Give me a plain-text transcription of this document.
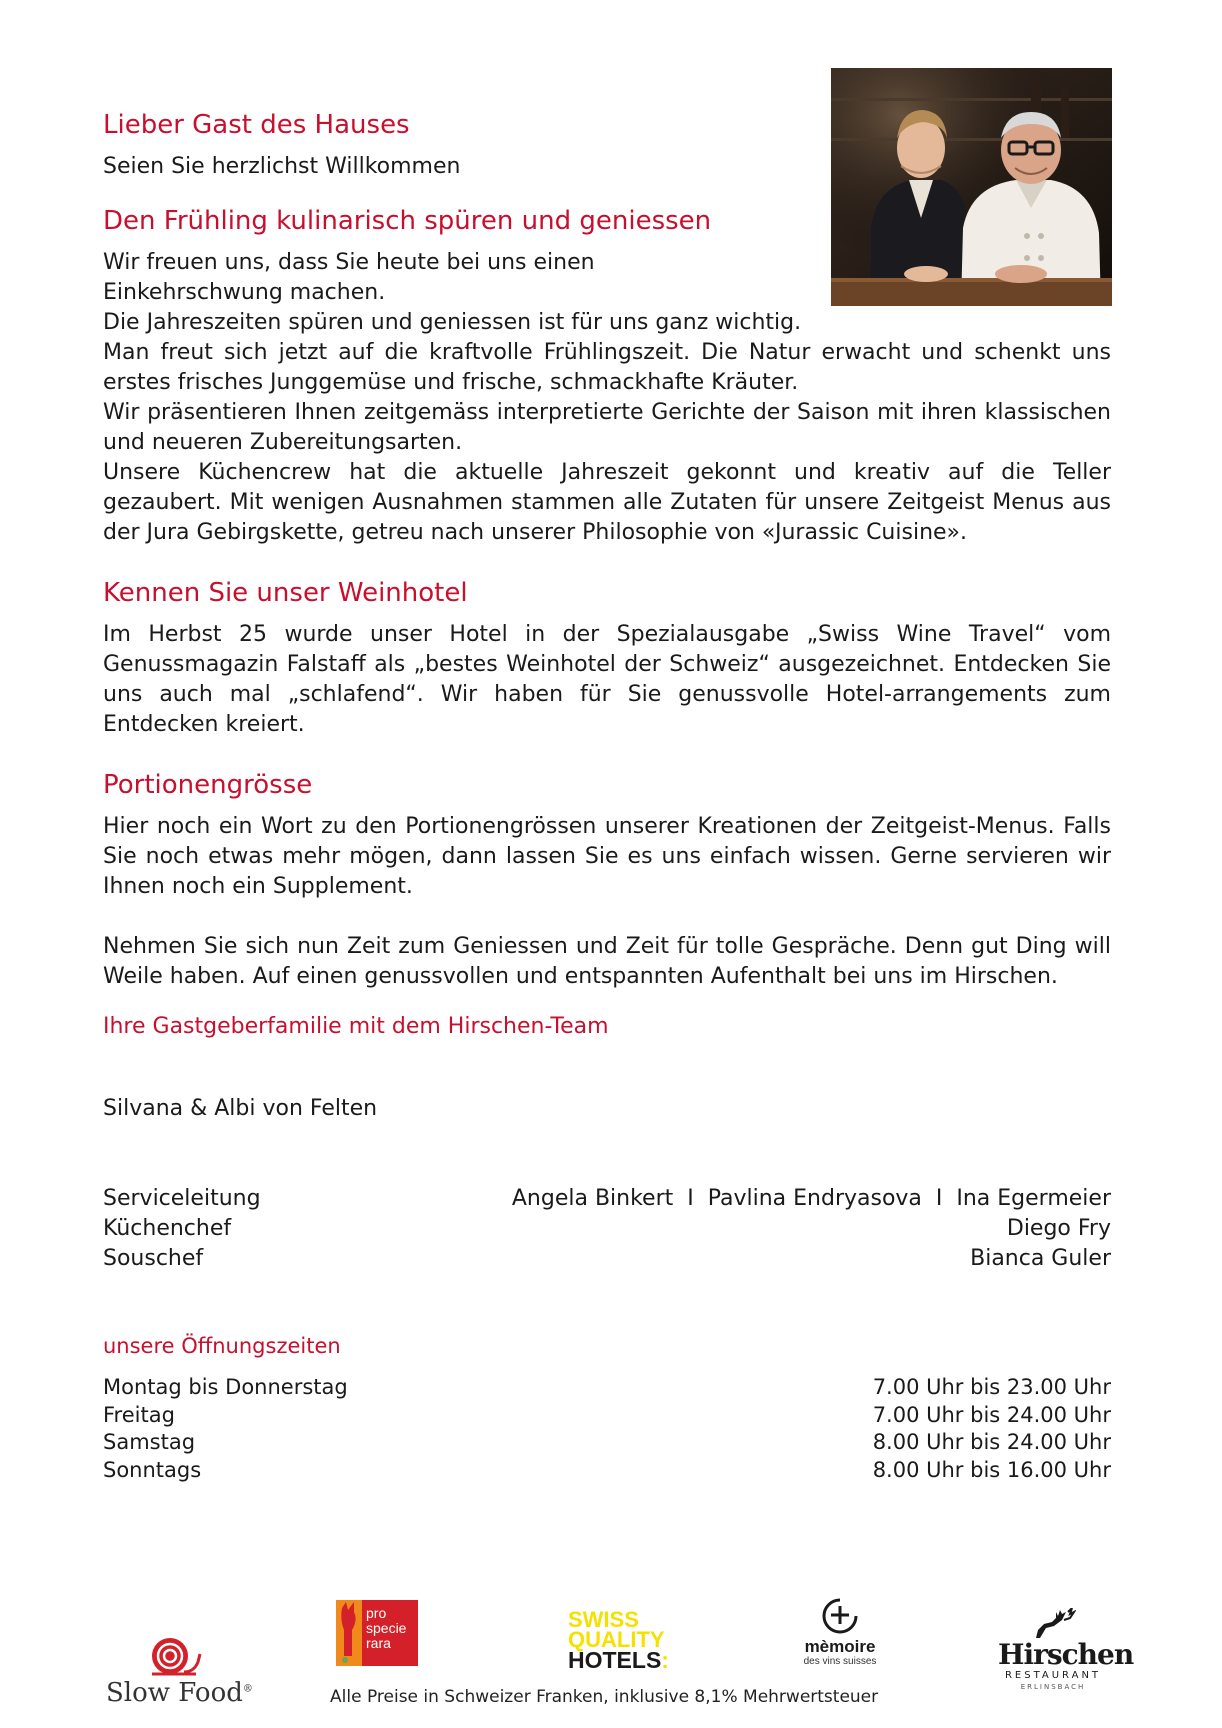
Lieber Gast des Hauses

Seien Sie herzlichst Willkommen

Den Frühling kulinarisch spüren und geniessen

Wir freuen uns, dass Sie heute bei uns einen

Einkehrschwung machen.

Die Jahreszeiten spüren und geniessen ist für uns ganz wichtig.

Man freut sich jetzt auf die kraftvolle Frühlingszeit. Die Natur erwacht und schenkt uns erstes frisches Junggemüse und frische, schmackhafte Kräuter.

Wir präsentieren Ihnen zeitgemäss interpretierte Gerichte der Saison mit ihren klassischen und neueren Zubereitungsarten.

Unsere Küchencrew hat die aktuelle Jahreszeit gekonnt und kreativ auf die Teller gezaubert. Mit wenigen Ausnahmen stammen alle Zutaten für unsere Zeitgeist Menus aus der Jura Gebirgskette, getreu nach unserer Philosophie von «Jurassic Cuisine».

Kennen Sie unser Weinhotel

Im Herbst 25 wurde unser Hotel in der Spezialausgabe „Swiss Wine Travel“ vom Genussmagazin Falstaff als „bestes Weinhotel der Schweiz“ ausgezeichnet. Entdecken Sie uns auch mal „schlafend“. Wir haben für Sie genussvolle Hotel-arrangements zum Entdecken kreiert.

Portionengrösse

Hier noch ein Wort zu den Portionengrössen unserer Kreationen der Zeitgeist-Menus. Falls Sie noch etwas mehr mögen, dann lassen Sie es uns einfach wissen. Gerne servieren wir Ihnen noch ein Supplement.

Nehmen Sie sich nun Zeit zum Geniessen und Zeit für tolle Gespräche. Denn gut Ding will Weile haben. Auf einen genussvollen und entspannten Aufenthalt bei uns im Hirschen.

Ihre Gastgeberfamilie mit dem Hirschen-Team
Silvana & Albi von Felten
Serviceleitung	Angela Binkert  I  Pavlina Endryasova  I  Ina Egermeier
Küchenchef	Diego Fry
Souschef	Bianca Guler
unsere Öffnungszeiten
Montag bis Donnerstag	7.00 Uhr bis 23.00 Uhr
Freitag	7.00 Uhr bis 24.00 Uhr
Samstag	8.00 Uhr bis 24.00 Uhr
Sonntags	8.00 Uhr bis 16.00 Uhr
Slow Food®
pro
specie
rara
SWISS
QUALITY
HOTELS:
mèmoire
des vins suisses	Hirschen
RESTAURANT
ERLINSBACH
Alle Preise in Schweizer Franken, inklusive 8,1% Mehrwertsteuer
